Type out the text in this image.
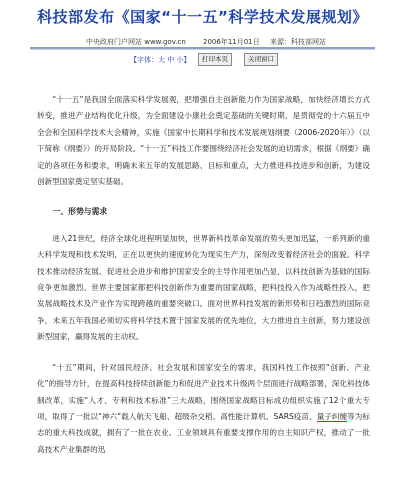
科技部发布《国家“十一五”科学技术发展规划》
中央政府门户网站 www.gov.cn 2006年11月01日 来源：科技部网站
【字体：大 中 小】	打印本页	关闭窗口

“十一五”是我国全面落实科学发展观，把增强自主创新能力作为国家战略，加快经济增长方式转变，推进产业结构优化升级，为全面建设小康社会奠定基础的关键时期，是贯彻党的十六届五中全会和全国科学技术大会精神，实施《国家中长期科学和技术发展规划纲要（2006-2020年）》（以下简称《纲要》）的开局阶段。“十一五”科技工作要围绕经济社会发展的迫切需求，根据《纲要》确定的各项任务和要求，明确未来五年的发展思路、目标和重点，大力推进科技进步和创新，为建设创新型国家奠定坚实基础。

一、形势与需求

进入21世纪，经济全球化进程明显加快，世界新科技革命发展的势头更加迅猛，一系列新的重大科学发现和技术发明，正在以更快的速度转化为现实生产力，深刻改变着经济社会的面貌。科学技术推动经济发展、促进社会进步和维护国家安全的主导作用更加凸显，以科技创新为基础的国际竞争更加激烈。世界主要国家都把科技创新作为重要的国家战略，把科技投入作为战略性投入，把发展战略技术及产业作为实现跨越的重要突破口。面对世界科技发展的新形势和日趋激烈的国际竞争，未来五年我国必须切实将科学技术置于国家发展的优先地位，大力推进自主创新，努力建设创新型国家，赢得发展的主动权。

“十五”期间，针对国民经济、社会发展和国家安全的需求，我国科技工作按照“创新、产业化”的指导方针，在提高科技持续创新能力和促进产业技术升级两个层面进行战略部署，深化科技体制改革，实施“人才、专利和技术标准”三大战略，围绕国家战略目标成功组织实施了12个重大专项，取得了一批以“神六”载人航天飞船、超级杂交稻、高性能计算机、SARS疫苗、量子纠缠等为标志的重大科技成就，拥有了一批在农业、工业领域具有重要支撑作用的自主知识产权，推动了一批高技术产业集群的迅
